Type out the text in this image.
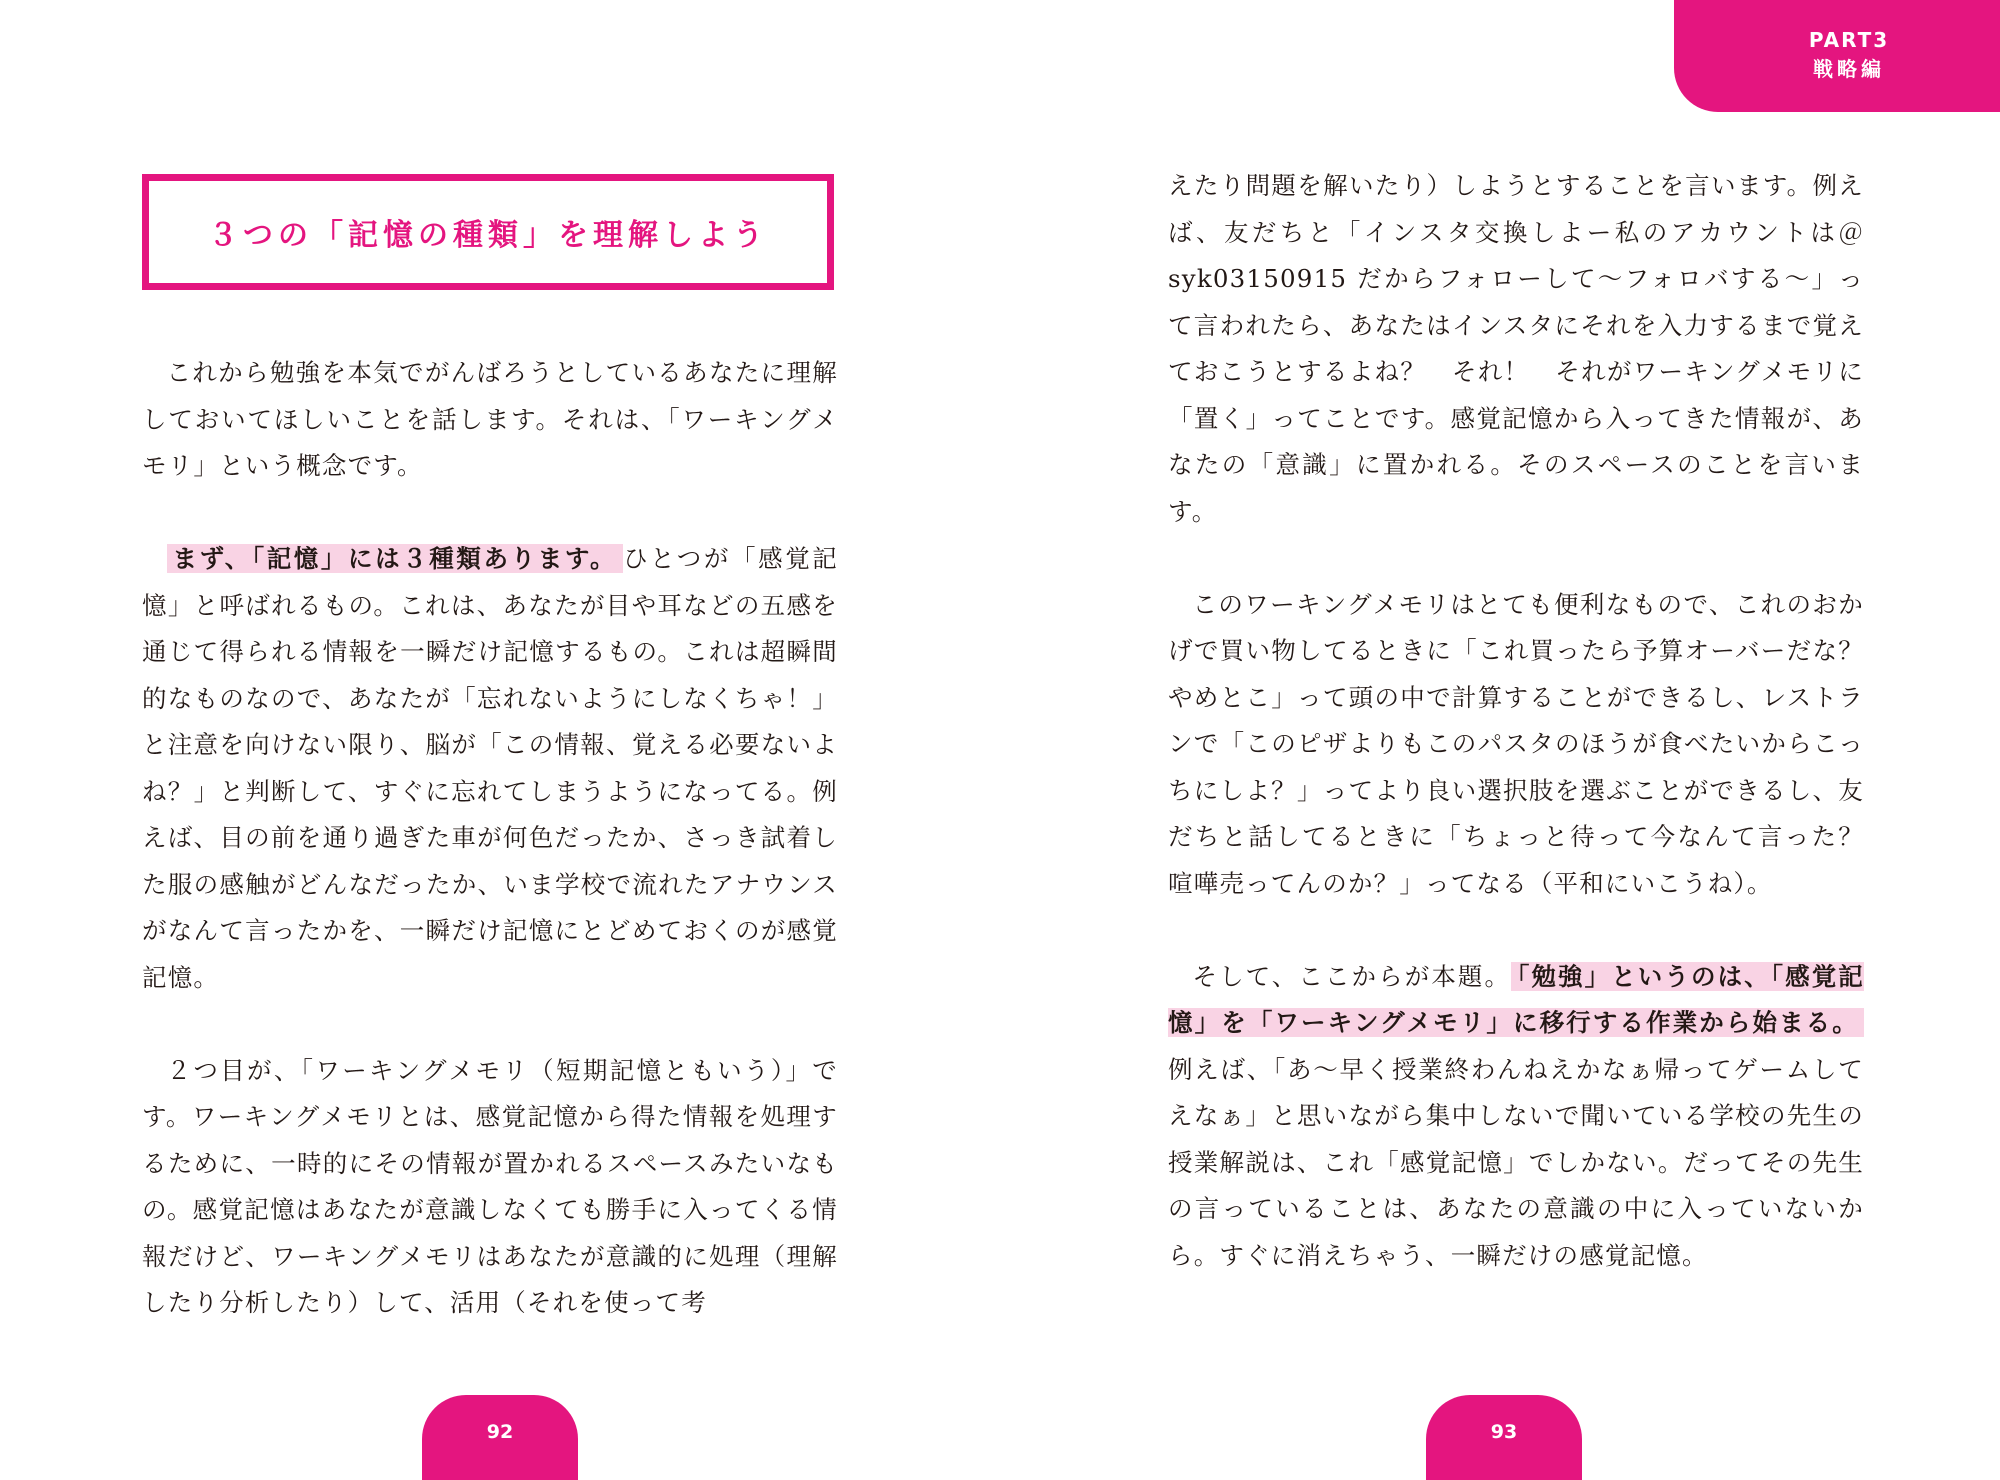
３つの「記憶の種類」を理解しよう

これから勉強を本気でがんばろうとしているあなたに理解しておいてほしいことを話します。それは、「ワーキングメモリ」という概念です。

まず、「記憶」には３種類あります。 ひとつが「感覚記憶」と呼ばれるもの。これは、あなたが目や耳などの五感を通じて得られる情報を一瞬だけ記憶するもの。これは超瞬間的なものなので、あなたが「忘れないようにしなくちゃ！」と注意を向けない限り、脳が「この情報、覚える必要ないよね？」と判断して、すぐに忘れてしまうようになってる。例えば、目の前を通り過ぎた車が何色だったか、さっき試着した服の感触がどんなだったか、いま学校で流れたアナウンスがなんて言ったかを、一瞬だけ記憶にとどめておくのが感覚記憶。

２つ目が、「ワーキングメモリ（短期記憶ともいう）」です。ワーキングメモリとは、感覚記憶から得た情報を処理するために、一時的にその情報が置かれるスペースみたいなもの。感覚記憶はあなたが意識しなくても勝手に入ってくる情報だけど、ワーキングメモリはあなたが意識的に処理（理解したり分析したり）して、活用（それを使って考

92
PART3
戦略編

えたり問題を解いたり）しようとすることを言います。例えば、友だちと「インスタ交換しよー私のアカウントは＠ syk03150915 だからフォローして〜フォロバする〜」って言われたら、あなたはインスタにそれを入力するまで覚えておこうとするよね？　それ！　それがワーキングメモリに「置く」ってことです。感覚記憶から入ってきた情報が、あなたの「意識」に置かれる。そのスペースのことを言います。

このワーキングメモリはとても便利なもので、これのおかげで買い物してるときに「これ買ったら予算オーバーだな？　やめとこ」って頭の中で計算することができるし、レストランで「このピザよりもこのパスタのほうが食べたいからこっちにしよ？」ってより良い選択肢を選ぶことができるし、友だちと話してるときに「ちょっと待って今なんて言った？　喧嘩売ってんのか？」ってなる（平和にいこうね）。

そして、ここからが本題。 「勉強」というのは、「感覚記憶」を「ワーキングメモリ」に移行する作業から始まる。例えば、「あ〜早く授業終わんねえかなぁ帰ってゲームしてえなぁ」と思いながら集中しないで聞いている学校の先生の授業解説は、これ「感覚記憶」でしかない。だってその先生の言っていることは、あなたの意識の中に入っていないから。すぐに消えちゃう、一瞬だけの感覚記憶。

93
